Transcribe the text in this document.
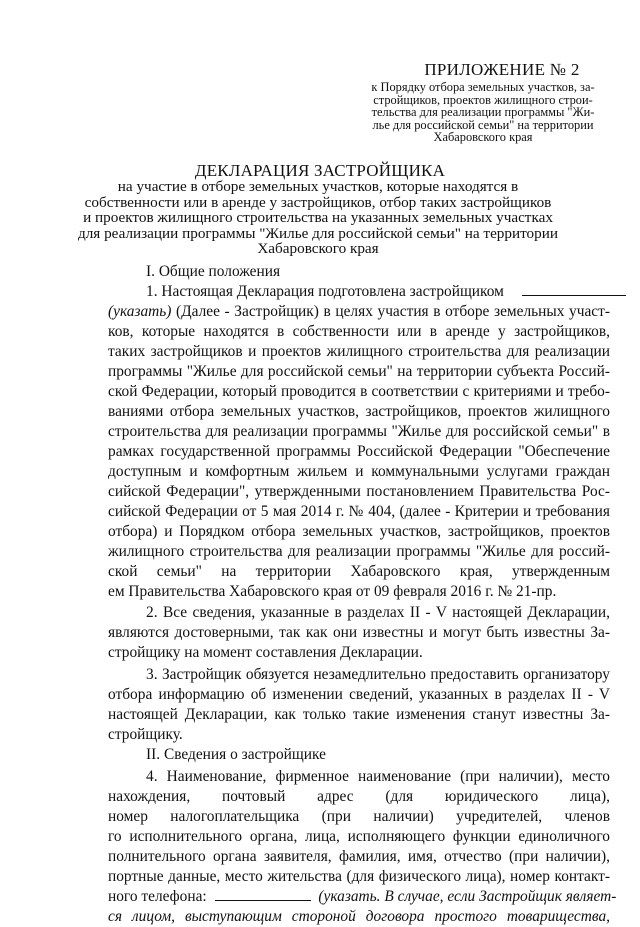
ПРИЛОЖЕНИЕ № 2
к Порядку отбора земельных участков, за-
стройщиков, проектов жилищного строи-
тельства для реализации программы "Жи-
лье для российской семьи" на территории
Хабаровского края
ДЕКЛАРАЦИЯ ЗАСТРОЙЩИКА
на участие в отборе земельных участков, которые находятся в
собственности или в аренде у застройщиков, отбор таких застройщиков
и проектов жилищного строительства на указанных земельных участках
для реализации программы "Жилье для российской семьи" на территории
Хабаровского края
I. Общие положения
1. Настоящая Декларация подготовлена застройщиком
(указать) (Далее - Застройщик) в целях участия в отборе земельных участ-
ков, которые находятся в собственности или в аренде у застройщиков,
таких застройщиков и проектов жилищного строительства для реализации
программы "Жилье для российской семьи" на территории субъекта Россий-
ской Федерации, который проводится в соответствии с критериями и требо-
ваниями отбора земельных участков, застройщиков, проектов жилищного
строительства для реализации программы "Жилье для российской семьи" в
рамках государственной программы Российской Федерации "Обеспечение
доступным и комфортным жильем и коммунальными услугами граждан
сийской Федерации", утвержденными постановлением Правительства Рос-
сийской Федерации от 5 мая 2014 г. № 404, (далее - Критерии и требования
отбора) и Порядком отбора земельных участков, застройщиков, проектов
жилищного строительства для реализации программы "Жилье для россий-
ской семьи" на территории Хабаровского края, утвержденным
ем Правительства Хабаровского края от 09 февраля 2016 г. № 21-пр.
2. Все сведения, указанные в разделах II - V настоящей Декларации,
являются достоверными, так как они известны и могут быть известны За-
стройщику на момент составления Декларации.
3. Застройщик обязуется незамедлительно предоставить организатору
отбора информацию об изменении сведений, указанных в разделах II - V
настоящей Декларации, как только такие изменения станут известны За-
стройщику.
II. Сведения о застройщике
4. Наименование, фирменное наименование (при наличии), место
нахождения, почтовый адрес (для юридического лица),
номер налогоплательщика (при наличии) учредителей, членов
го исполнительного органа, лица, исполняющего функции единоличного
полнительного органа заявителя, фамилия, имя, отчество (при наличии),
портные данные, место жительства (для физического лица), номер контакт-
ного телефона:	(указать. В случае, если Застройщик являет-
ся лицом, выступающим стороной договора простого товарищества,
